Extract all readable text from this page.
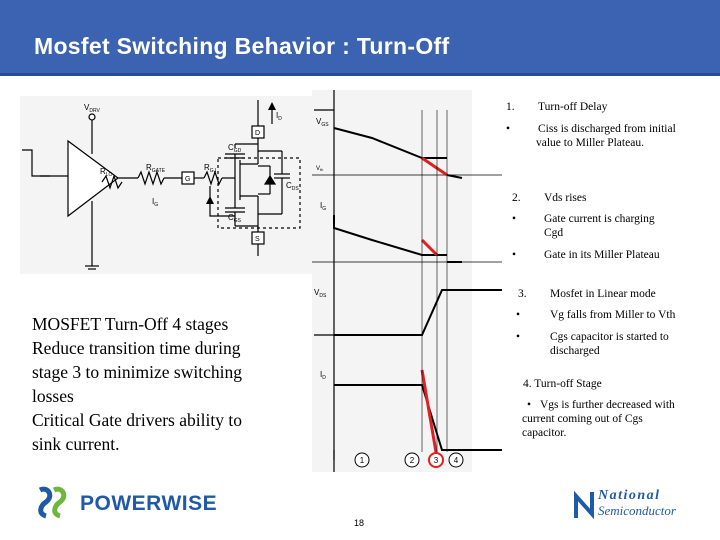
Mosfet Switching Behavior : Turn-Off
$V_{DRV}$	$I_D$
D
G
S
$C_{GD}$
$C_{DS}$
$C_{GS}$
$R_{LO}$
$R_{GATE}$	$R_{G,I}$
$I_G$
1	2 3 4
$V_{GS}$
Vth
$I_G$
$V_{DS}$
$I_D$
MOSFET Turn-Off 4 stages
Reduce transition time during
stage 3 to minimize switching
losses
Critical Gate drivers ability to
sink current.
1. Turn-off Delay
• Ciss is discharged from initial
value to Miller Plateau.
2. Vds rises
• Gate current is charging
Cgd
• Gate in its Miller Plateau
3. Mosfet in Linear mode
•	Vg falls from Miller to Vth
•	Cgs capacitor is started to
discharged
4. Turn-off Stage
• Vgs is further decreased with
current coming out of Cgs
capacitor.
POWERWISE	National
Semiconductor
18
